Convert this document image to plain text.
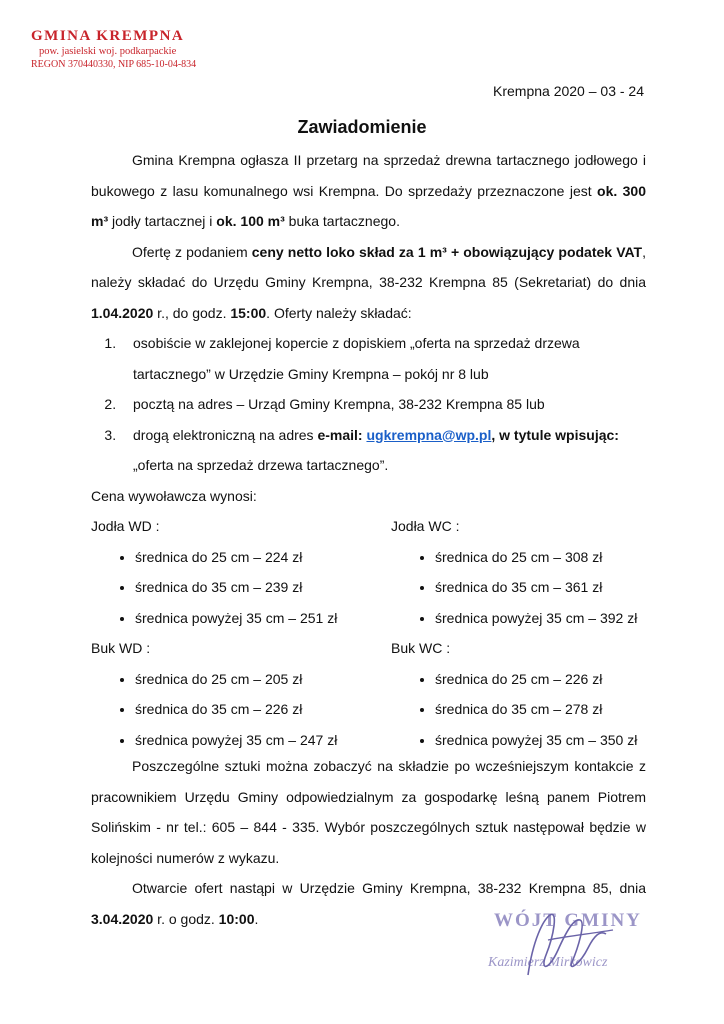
GMINA KREMPNA
pow. jasielski woj. podkarpackie
REGON 370440330, NIP 685-10-04-834
Krempna 2020 – 03 - 24
Zawiadomienie

Gmina Krempna ogłasza II przetarg na sprzedaż drewna tartacznego jodłowego i bukowego z lasu komunalnego wsi Krempna. Do sprzedaży przeznaczone jest ok. 300 m³ jodły tartacznej i ok. 100 m³ buka tartacznego.

Ofertę z podaniem ceny netto loko skład za 1 m³ + obowiązujący podatek VAT, należy składać do Urzędu Gminy Krempna, 38-232 Krempna 85 (Sekretariat) do dnia 1.04.2020 r., do godz. 15:00. Oferty należy składać:

1. osobiście w zaklejonej kopercie z dopiskiem „oferta na sprzedaż drzewa tartacznego” w Urzędzie Gminy Krempna – pokój nr 8 lub
2. pocztą na adres – Urząd Gminy Krempna, 38-232 Krempna 85 lub
3. drogą elektroniczną na adres e-mail: ugkrempna@wp.pl, w tytule wpisując:
„oferta na sprzedaż drzewa tartacznego”.

Cena wywoławcza wynosi:

Jodła WD :

• średnica do 25 cm – 224 zł
• średnica do 35 cm – 239 zł
• średnica powyżej 35 cm – 251 zł

Buk WD :

• średnica do 25 cm – 205 zł
• średnica do 35 cm – 226 zł
• średnica powyżej 35 cm – 247 zł

Jodła WC :

• średnica do 25 cm – 308 zł
• średnica do 35 cm – 361 zł
• średnica powyżej 35 cm – 392 zł

Buk WC :

• średnica do 25 cm – 226 zł
• średnica do 35 cm – 278 zł
• średnica powyżej 35 cm – 350 zł

Poszczególne sztuki można zobaczyć na składzie po wcześniejszym kontakcie z pracownikiem Urzędu Gminy odpowiedzialnym za gospodarkę leśną panem Piotrem Solińskim - nr tel.: 605 – 844 - 335. Wybór poszczególnych sztuk następował będzie w kolejności numerów z wykazu.

Otwarcie ofert nastąpi w Urzędzie Gminy Krempna, 38-232 Krempna 85, dnia 3.04.2020 r. o godz. 10:00.	WÓJT GMINY
Kazimierz Mirkowicz
